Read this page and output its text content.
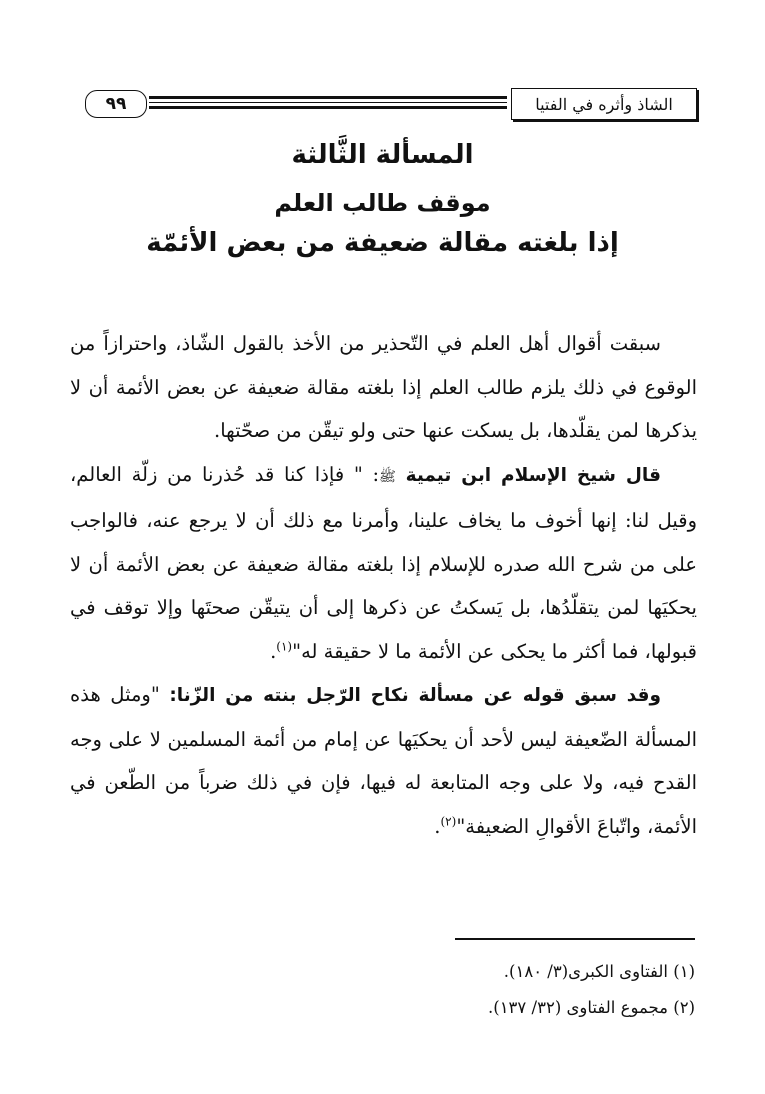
٩٩	الشاذ وأثره في الفتيا
المسألة الثَّالثة
موقف طالب العلم
إذا بلغته مقالة ضعيفة من بعض الأئمّة

سبقت أقوال أهل العلم في التّحذير من الأخذ بالقول الشّاذ، واحترازاً من الوقوع في ذلك يلزم طالب العلم إذا بلغته مقالة ضعيفة عن بعض الأئمة أن لا يذكرها لمن يقلّدها، بل يسكت عنها حتى ولو تيقّن من صحّتها.

قال شيخ الإسلام ابن تيمية ﷺ: " فإذا كنا قد حُذرنا من زلّة العالم، وقيل لنا: إنها أخوف ما يخاف علينا، وأمرنا مع ذلك أن لا يرجع عنه، فالواجب على من شرح الله صدره للإسلام إذا بلغته مقالة ضعيفة عن بعض الأئمة أن لا يحكيَها لمن يتقلّدُها، بل يَسكتُ عن ذكرها إلى أن يتيقّن صحتَها وإلا توقف في قبولها، فما أكثر ما يحكى عن الأئمة ما لا حقيقة له"$^{(١)}$.

وقد سبق قوله عن مسألة نكاح الرّجل بنته من الزّنا: "ومثل هذه المسألة الضّعيفة ليس لأحد أن يحكيَها عن إمام من أئمة المسلمين لا على وجه القدح فيه، ولا على وجه المتابعة له فيها، فإن في ذلك ضرباً من الطّعن في الأئمة، واتّباعَ الأقوالِ الضعيفة"$^{(٢)}$.

(١) الفتاوى الكبرى(٣/ ١٨٠).
(٢) مجموع الفتاوى (٣٢/ ١٣٧).
